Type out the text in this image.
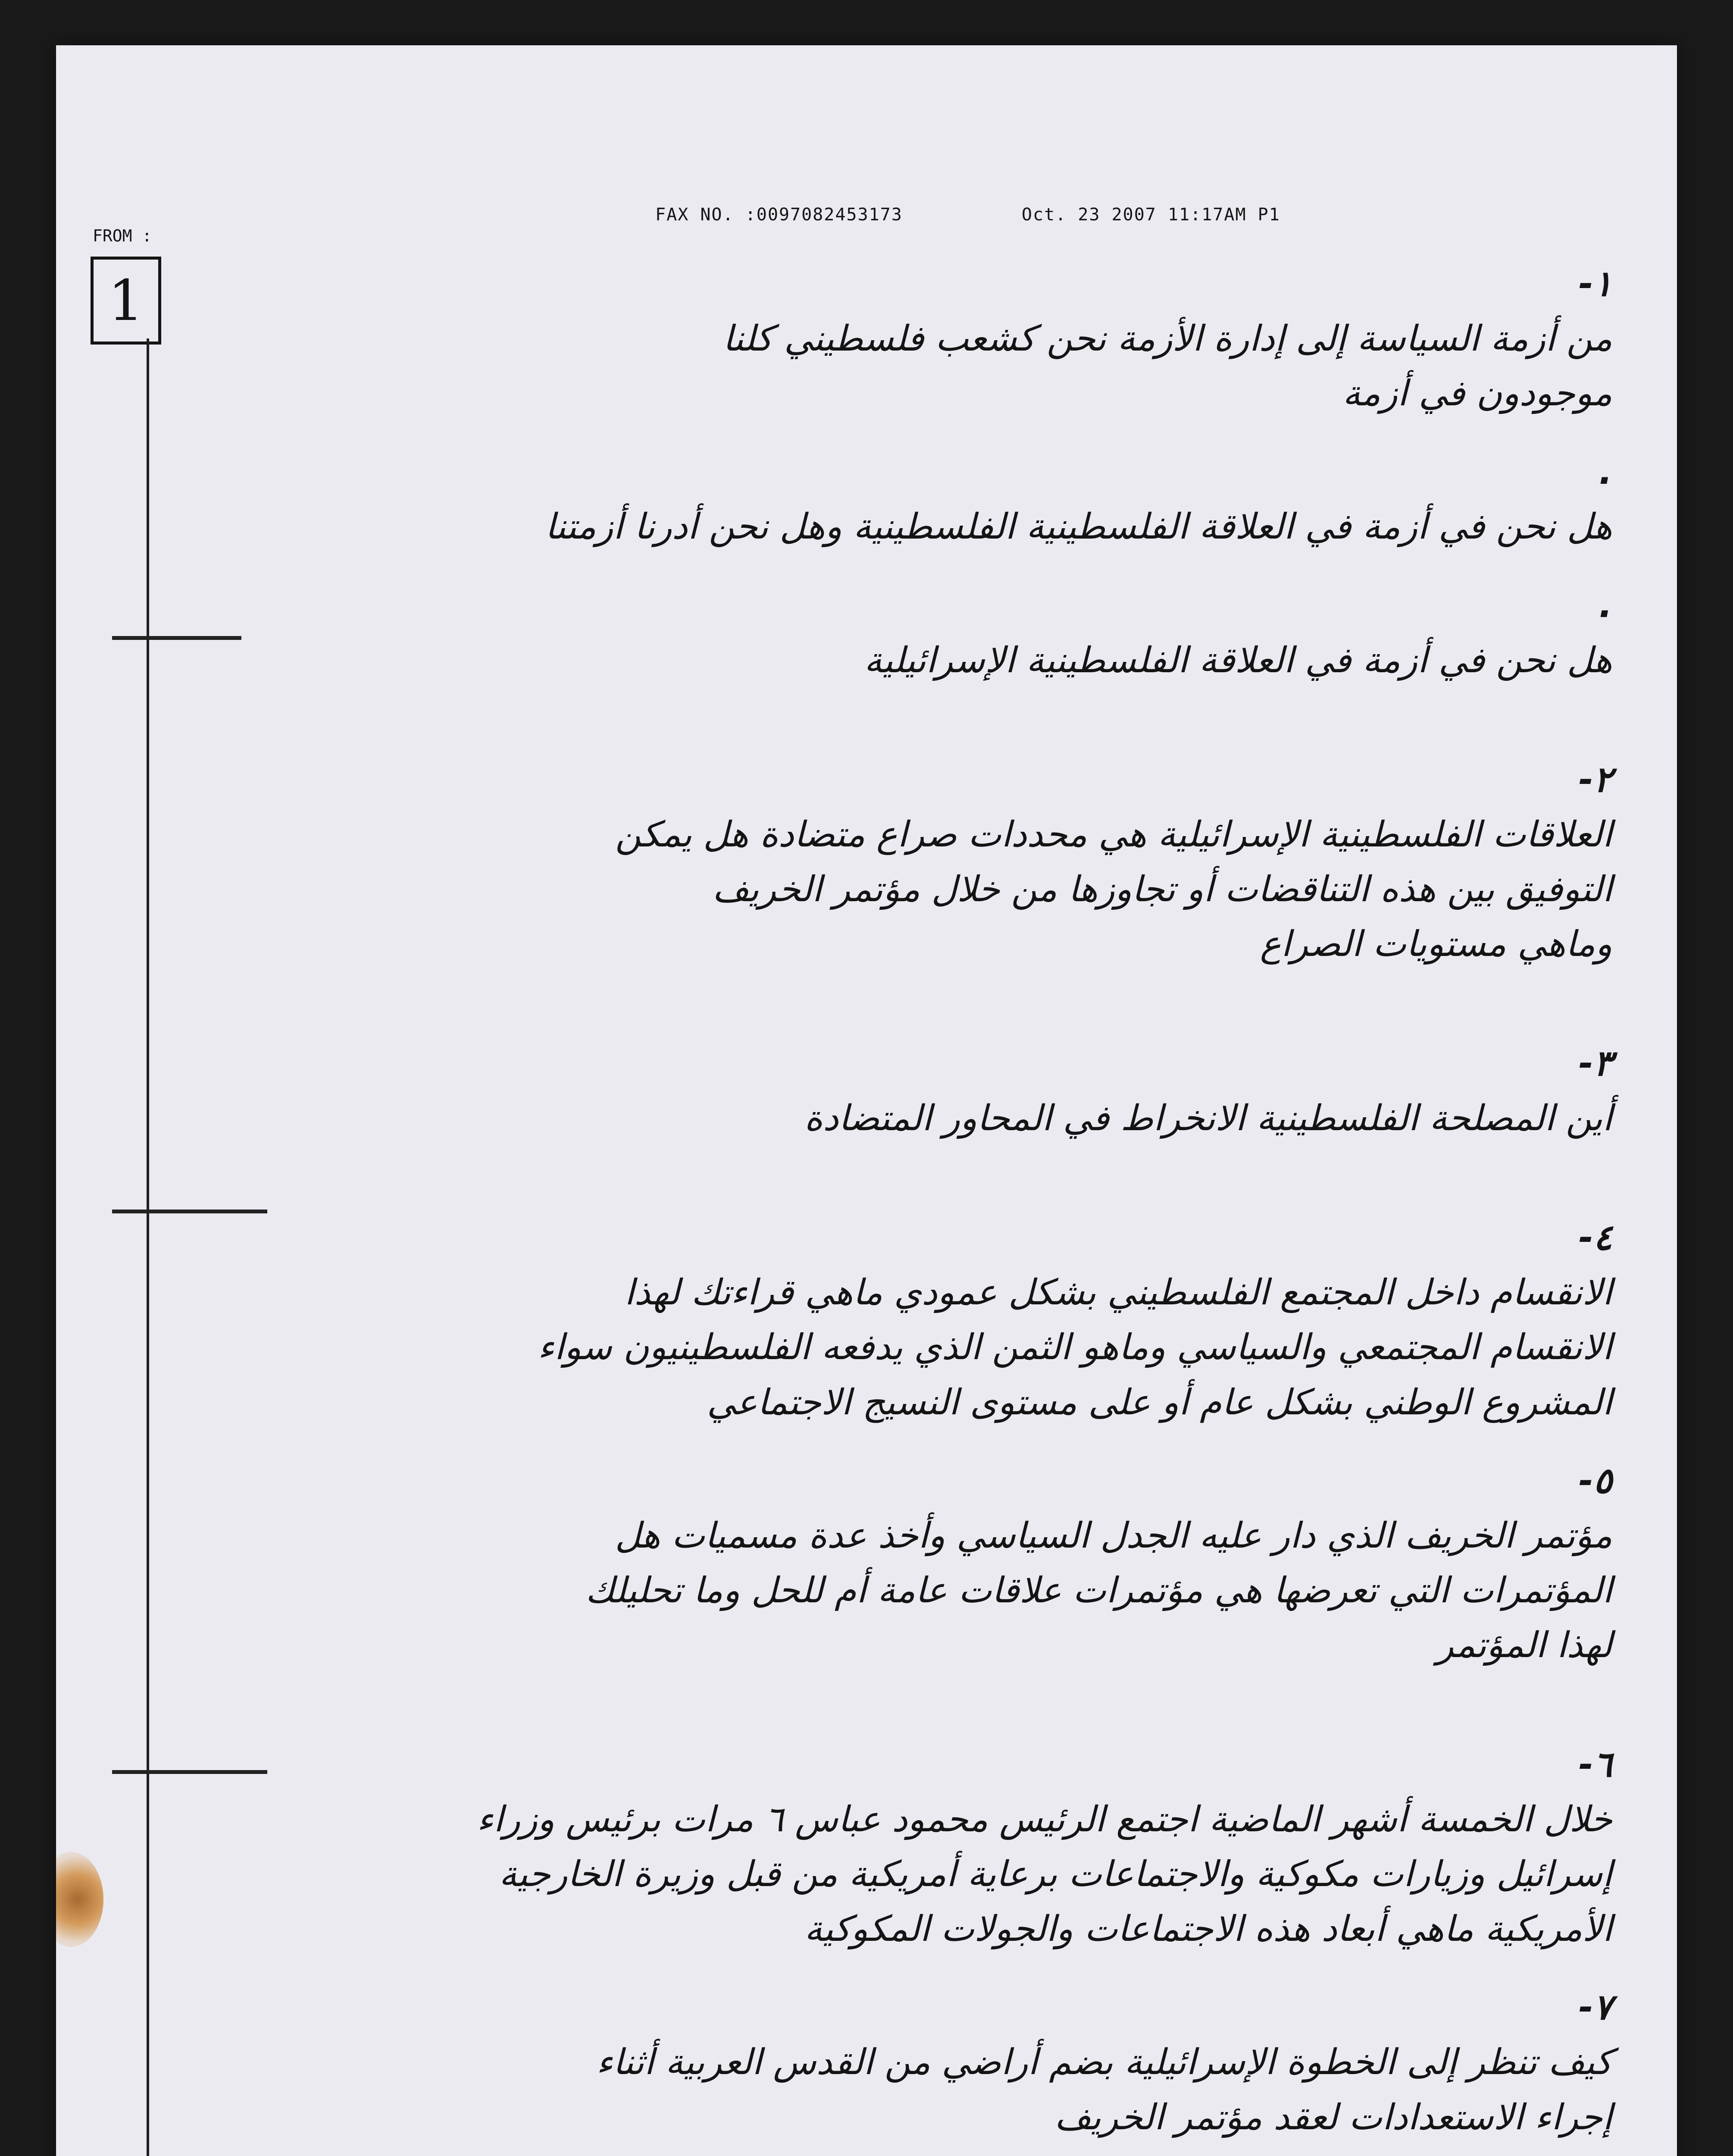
FAX NO. :0097082453173	Oct. 23 2007 11:17AM P1
FROM :
1	١-
من أزمة السياسة إلى إدارة الأزمة نحن كشعب فلسطيني كلنا
موجودون في أزمة
.
هل نحن في أزمة في العلاقة الفلسطينية الفلسطينية وهل نحن أدرنا أزمتنا
.
هل نحن في أزمة في العلاقة الفلسطينية الإسرائيلية
٢-
العلاقات الفلسطينية الإسرائيلية هي محددات صراع متضادة هل يمكن
التوفيق بين هذه التناقضات أو تجاوزها من خلال مؤتمر الخريف
وماهي مستويات الصراع
٣-
أين المصلحة الفلسطينية الانخراط في المحاور المتضادة
٤-
الانقسام داخل المجتمع الفلسطيني بشكل عمودي ماهي قراءتك لهذا
الانقسام المجتمعي والسياسي وماهو الثمن الذي يدفعه الفلسطينيون سواء
المشروع الوطني بشكل عام أو على مستوى النسيج الاجتماعي
٥-
مؤتمر الخريف الذي دار عليه الجدل السياسي وأخذ عدة مسميات هل
المؤتمرات التي تعرضها هي مؤتمرات علاقات عامة أم للحل وما تحليلك
لهذا المؤتمر
٦-
خلال الخمسة أشهر الماضية اجتمع الرئيس محمود عباس ٦ مرات برئيس وزراء
إسرائيل وزيارات مكوكية والاجتماعات برعاية أمريكية من قبل وزيرة الخارجية
الأمريكية ماهي أبعاد هذه الاجتماعات والجولات المكوكية
٧-
كيف تنظر إلى الخطوة الإسرائيلية بضم أراضي من القدس العربية أثناء
إجراء الاستعدادات لعقد مؤتمر الخريف
